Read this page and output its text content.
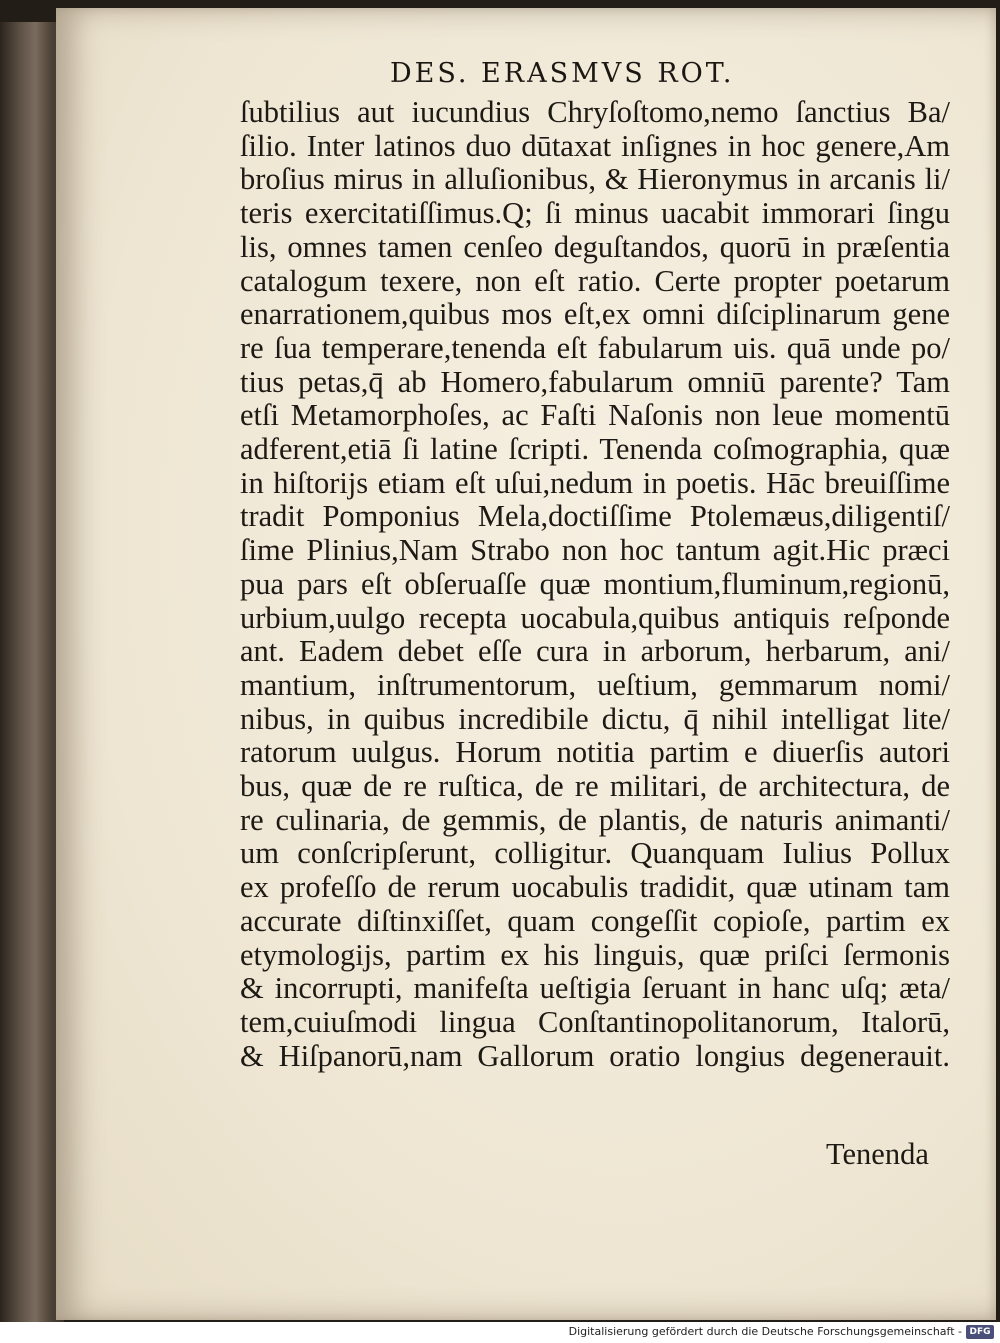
DES. ERASMVS ROT.
ſubtilius aut iucundius Chryſoſtomo,nemo ſanctius Ba/
ſilio. Inter latinos duo dūtaxat inſignes in hoc genere,Am
broſius mirus in alluſionibus, & Hieronymus in arcanis li/
teris exercitatiſſimus.Q; ſi minus uacabit immorari ſingu
lis, omnes tamen cenſeo deguſtandos, quorū in præſentia
catalogum texere, non eſt ratio. Certe propter poetarum
enarrationem,quibus mos eſt,ex omni diſciplinarum gene
re ſua temperare,tenenda eſt fabularum uis. quā unde po/
tius petas,q̄ ab Homero,fabularum omniū parente? Tam
etſi Metamorphoſes, ac Faſti Naſonis non leue momentū
adferent,etiā ſi latine ſcripti. Tenenda coſmographia, quæ
in hiſtorijs etiam eſt uſui,nedum in poetis. Hāc breuiſſime
tradit Pomponius Mela,doctiſſime Ptolemæus,diligentiſ/
ſime Plinius,Nam Strabo non hoc tantum agit.Hic præci
pua pars eſt obſeruaſſe quæ montium,fluminum,regionū,
urbium,uulgo recepta uocabula,quibus antiquis reſponde
ant. Eadem debet eſſe cura in arborum, herbarum, ani/
mantium, inſtrumentorum, ueſtium, gemmarum nomi/
nibus, in quibus incredibile dictu, q̄ nihil intelligat lite/
ratorum uulgus. Horum notitia partim e diuerſis autori
bus, quæ de re ruſtica, de re militari, de architectura, de
re culinaria, de gemmis, de plantis, de naturis animanti/
um conſcripſerunt, colligitur. Quanquam Iulius Pollux
ex profeſſo de rerum uocabulis tradidit, quæ utinam tam
accurate diſtinxiſſet, quam congeſſit copioſe, partim ex
etymologijs, partim ex his linguis, quæ priſci ſermonis
& incorrupti, manifeſta ueſtigia ſeruant in hanc uſq; æta/
tem,cuiuſmodi lingua Conſtantinopolitanorum, Italorū,
& Hiſpanorū,nam Gallorum oratio longius degenerauit.
Tenenda
Digitalisierung gefördert durch die Deutsche Forschungsgemeinschaft - DFG
